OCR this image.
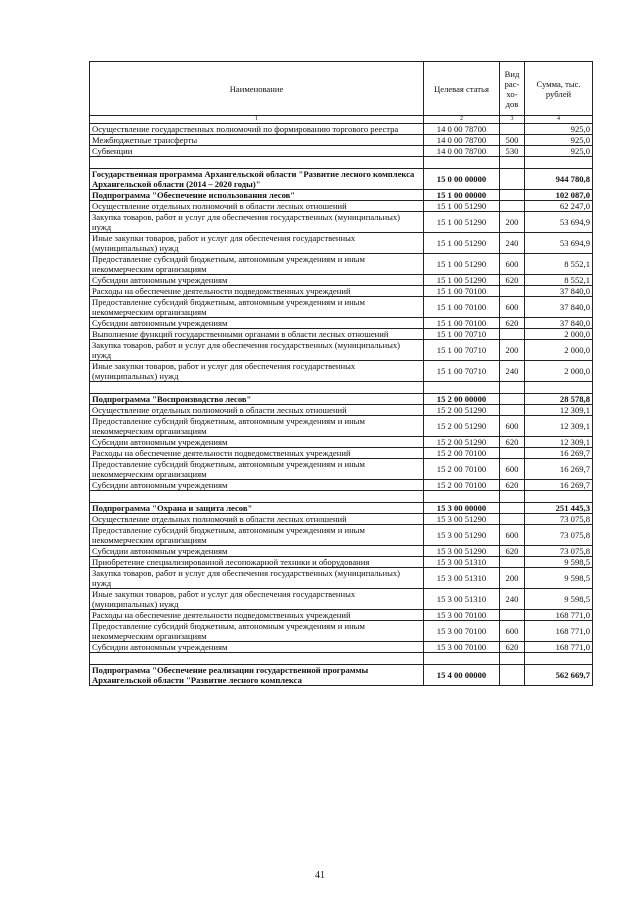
Наименование	Целевая статья	Вид рас-хо-дов	Сумма, тыс. рублей
1	2	3	4
Осуществление государственных полномочий по формированию торгового реестра	14 0 00 78700		925,0
Межбюджетные трансферты	14 0 00 78700	500	925,0
Субвенции	14 0 00 78700	530	925,0

Государственная программа Архангельской области "Развитие лесного комплекса Архангельской области (2014 – 2020 годы)"	15 0 00 00000		944 780,8
Подпрограмма "Обеспечение использования лесов"	15 1 00 00000		102 087,0
Осуществление отдельных полномочий в области лесных отношений	15 1 00 51290		62 247,0
Закупка товаров, работ и услуг для обеспечения государственных (муниципальных) нужд	15 1 00 51290	200	53 694,9
Иные закупки товаров, работ и услуг для обеспечения государственных (муниципальных) нужд	15 1 00 51290	240	53 694,9
Предоставление субсидий бюджетным, автономным учреждениям и иным некоммерческим организациям	15 1 00 51290	600	8 552,1
Субсидии автономным учреждениям	15 1 00 51290	620	8 552,1
Расходы на обеспечение деятельности подведомственных учреждений	15 1 00 70100		37 840,0
Предоставление субсидий бюджетным, автономным учреждениям и иным некоммерческим организациям	15 1 00 70100	600	37 840,0
Субсидии автономным учреждениям	15 1 00 70100	620	37 840,0
Выполнение функций государственными органами в области лесных отношений	15 1 00 70710		2 000,0
Закупка товаров, работ и услуг для обеспечения государственных (муниципальных) нужд	15 1 00 70710	200	2 000,0
Иные закупки товаров, работ и услуг для обеспечения государственных (муниципальных) нужд	15 1 00 70710	240	2 000,0

Подпрограмма "Воспроизводство лесов"	15 2 00 00000		28 578,8
Осуществление отдельных полномочий в области лесных отношений	15 2 00 51290		12 309,1
Предоставление субсидий бюджетным, автономным учреждениям и иным некоммерческим организациям	15 2 00 51290	600	12 309,1
Субсидии автономным учреждениям	15 2 00 51290	620	12 309,1
Расходы на обеспечение деятельности подведомственных учреждений	15 2 00 70100		16 269,7
Предоставление субсидий бюджетным, автономным учреждениям и иным некоммерческим организациям	15 2 00 70100	600	16 269,7
Субсидии автономным учреждениям	15 2 00 70100	620	16 269,7

Подпрограмма "Охрана и защита лесов"	15 3 00 00000		251 445,3
Осуществление отдельных полномочий в области лесных отношений	15 3 00 51290		73 075,8
Предоставление субсидий бюджетным, автономным учреждениям и иным некоммерческим организациям	15 3 00 51290	600	73 075,8
Субсидии автономным учреждениям	15 3 00 51290	620	73 075,8
Приобретение специализированной лесопожарной техники и оборудования	15 3 00 51310		9 598,5
Закупка товаров, работ и услуг для обеспечения государственных (муниципальных) нужд	15 3 00 51310	200	9 598,5
Иные закупки товаров, работ и услуг для обеспечения государственных (муниципальных) нужд	15 3 00 51310	240	9 598,5
Расходы на обеспечение деятельности подведомственных учреждений	15 3 00 70100		168 771,0
Предоставление субсидий бюджетным, автономным учреждениям и иным некоммерческим организациям	15 3 00 70100	600	168 771,0
Субсидии автономным учреждениям	15 3 00 70100	620	168 771,0

Подпрограмма "Обеспечение реализации государственной программы Архангельской области "Развитие лесного комплекса	15 4 00 00000		562 669,7
41
